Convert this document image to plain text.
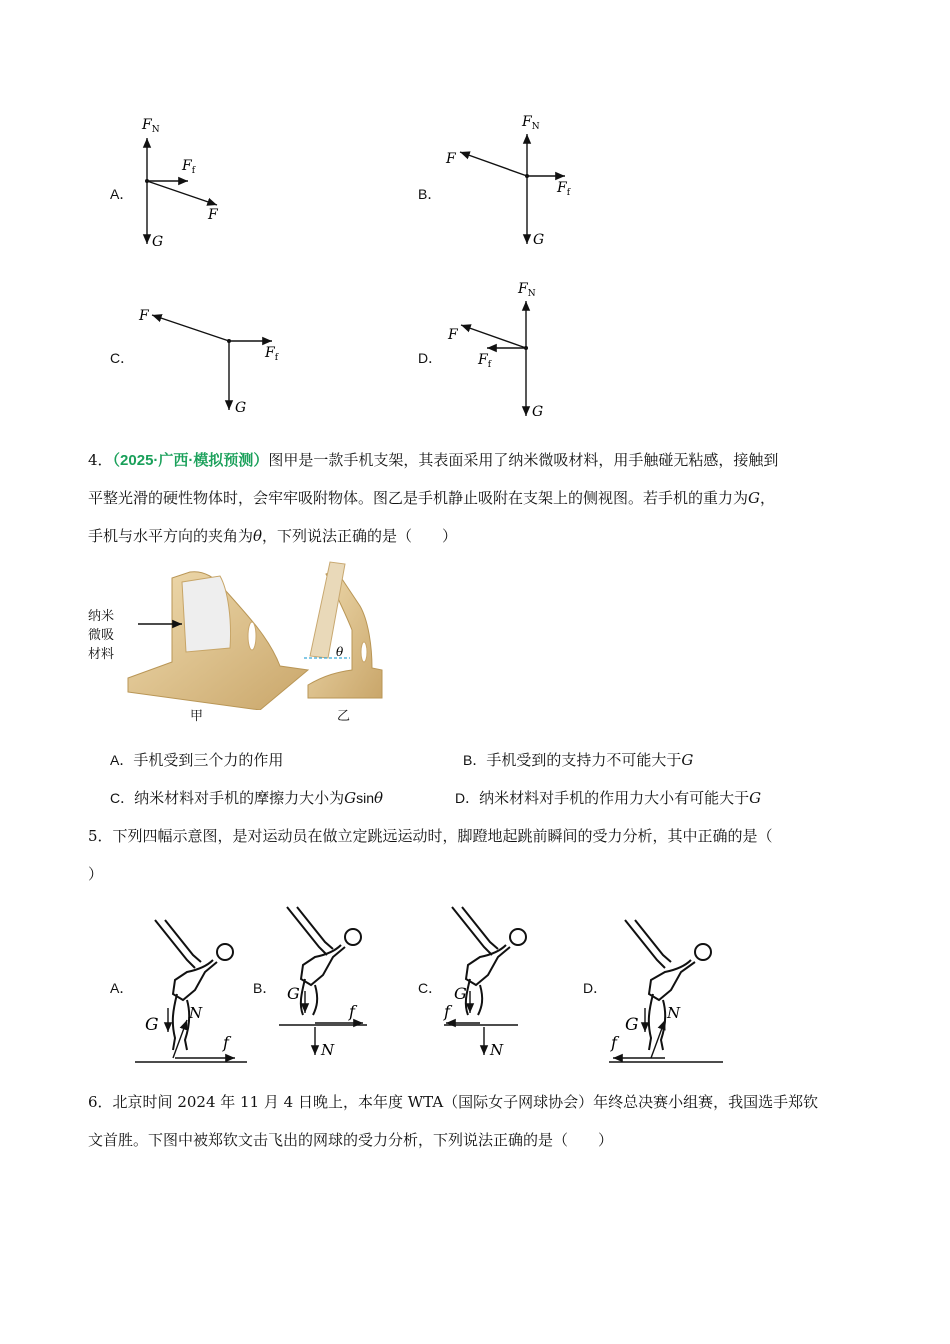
A．
$F_N$
$F_f$
F
G
B．
$F_N$
$F_f$
F
G
C．	$F_f$
F
G
D．
$F_N$
$F_f$
F
G
4．（2025·广西·模拟预测）图甲是一款手机支架，其表面采用了纳米微吸材料，用手触碰无粘感，接触到
平整光滑的硬性物体时，会牢牢吸附物体。图乙是手机静止吸附在支架上的侧视图。若手机的重力为G，
手机与水平方向的夹角为θ，下列说法正确的是（　　）
纳米
微吸
材料	θ
甲	乙
A．手机受到三个力的作用	B．手机受到的支持力不可能大于G
C．纳米材料对手机的摩擦力大小为Gsinθ	D．纳米材料对手机的作用力大小有可能大于G
5．下列四幅示意图，是对运动员在做立定跳远运动时，脚蹬地起跳前瞬间的受力分析，其中正确的是（
）
A．
G
N
f
B． G
N
f
C． G
N
f
D．
G
N
f
6．北京时间 2024 年 11 月 4 日晚上，本年度 WTA（国际女子网球协会）年终总决赛小组赛，我国选手郑钦
文首胜。下图中被郑钦文击飞出的网球的受力分析，下列说法正确的是（　　）
